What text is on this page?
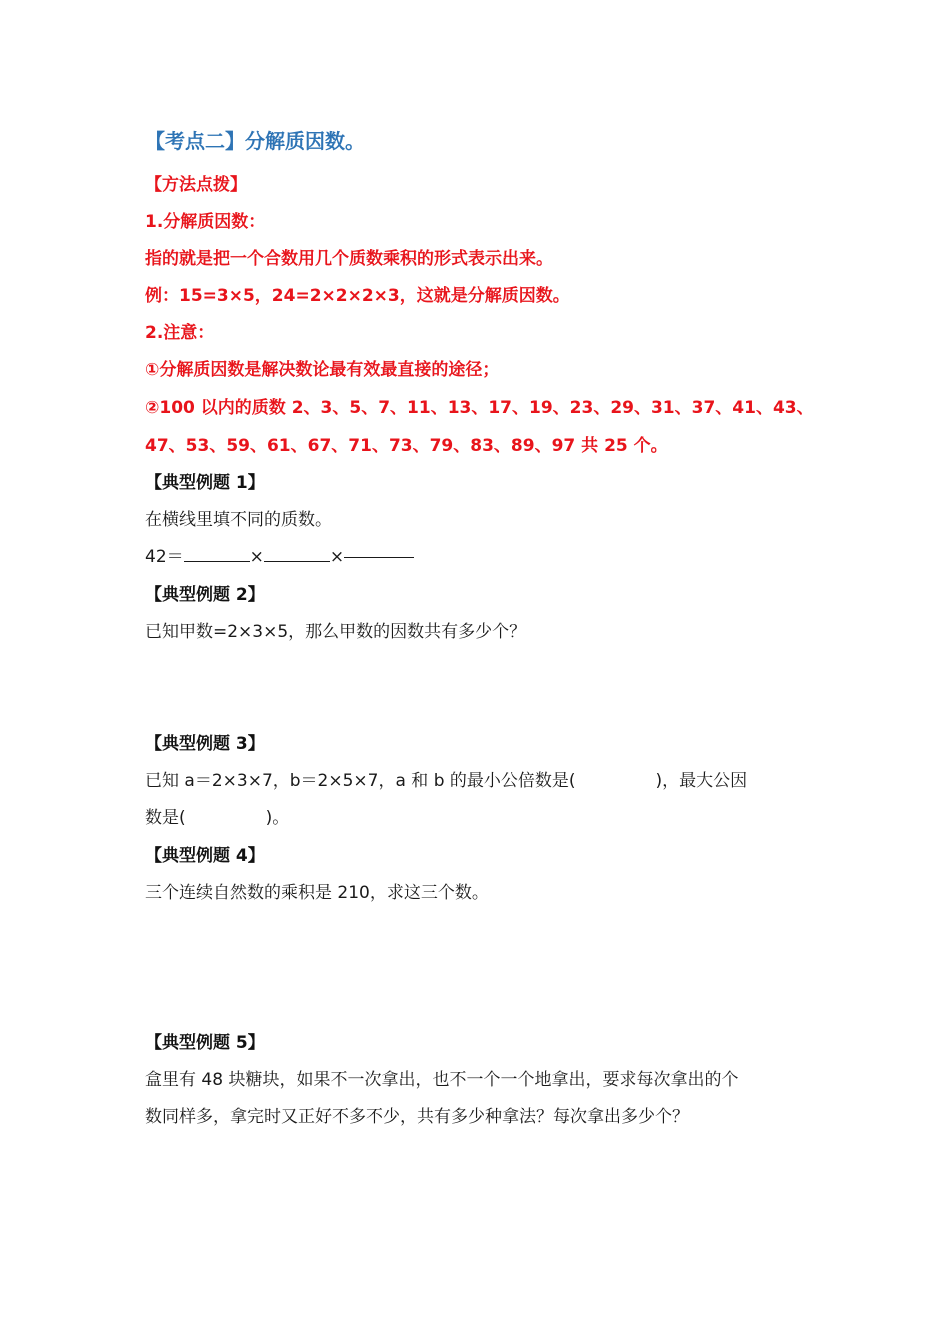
【考点二】分解质因数。
【方法点拨】
1.分解质因数：
指的就是把一个合数用几个质数乘积的形式表示出来。
例：15=3×5，24=2×2×2×3，这就是分解质因数。
2.注意：
①分解质因数是解决数论最有效最直接的途径；
②100 以内的质数 2、3、5、7、11、13、17、19、23、29、31、37、41、43、
47、53、59、61、67、71、73、79、83、89、97 共 25 个。
【典型例题 1】
在横线里填不同的质数。
42＝	×	×
【典型例题 2】
已知甲数=2×3×5，那么甲数的因数共有多少个？
【典型例题 3】
已知 a＝2×3×7，b＝2×5×7，a 和 b 的最小公倍数是(	)，最大公因
数是(	)。
【典型例题 4】
三个连续自然数的乘积是 210，求这三个数。
【典型例题 5】
盒里有 48 块糖块，如果不一次拿出，也不一个一个地拿出，要求每次拿出的个
数同样多，拿完时又正好不多不少，共有多少种拿法？每次拿出多少个？
